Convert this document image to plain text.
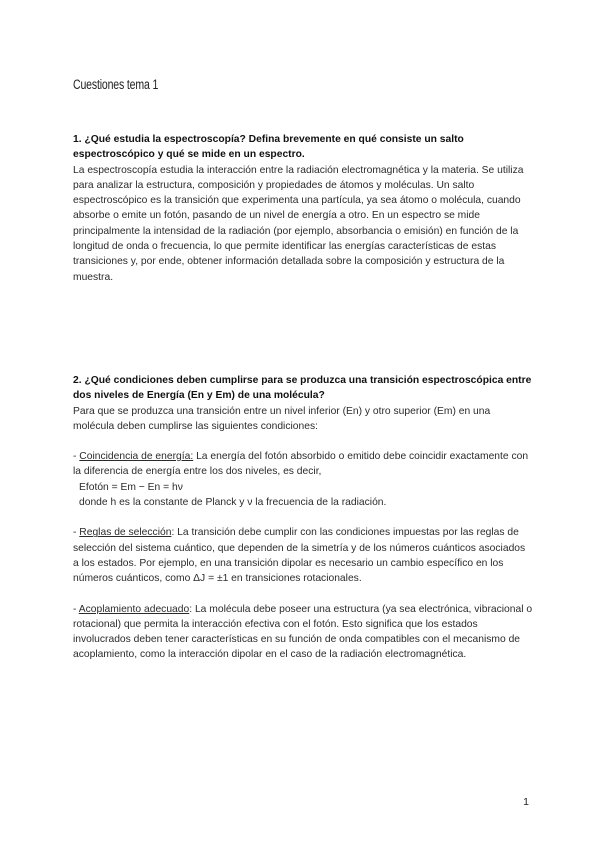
Cuestiones tema 1

1. ¿Qué estudia la espectroscopía? Defina brevemente en qué consiste un salto espectroscópico y qué se mide en un espectro.

La espectroscopía estudia la interacción entre la radiación electromagnética y la materia. Se utiliza para analizar la estructura, composición y propiedades de átomos y moléculas. Un salto espectroscópico es la transición que experimenta una partícula, ya sea átomo o molécula, cuando absorbe o emite un fotón, pasando de un nivel de energía a otro. En un espectro se mide principalmente la intensidad de la radiación (por ejemplo, absorbancia o emisión) en función de la longitud de onda o frecuencia, lo que permite identificar las energías características de estas transiciones y, por ende, obtener información detallada sobre la composición y estructura de la muestra.

2. ¿Qué condiciones deben cumplirse para se produzca una transición espectroscópica entre dos niveles de Energía (En y Em) de una molécula?

Para que se produzca una transición entre un nivel inferior (En) y otro superior (Em) en una molécula deben cumplirse las siguientes condiciones:

- Coincidencia de energía: La energía del fotón absorbido o emitido debe coincidir exactamente con la diferencia de energía entre los dos niveles, es decir,

Efotón = Em − En = hν

donde h es la constante de Planck y ν la frecuencia de la radiación.

- Reglas de selección: La transición debe cumplir con las condiciones impuestas por las reglas de selección del sistema cuántico, que dependen de la simetría y de los números cuánticos asociados a los estados. Por ejemplo, en una transición dipolar es necesario un cambio específico en los números cuánticos, como ΔJ = ±1 en transiciones rotacionales.

- Acoplamiento adecuado: La molécula debe poseer una estructura (ya sea electrónica, vibracional o rotacional) que permita la interacción efectiva con el fotón. Esto significa que los estados involucrados deben tener características en su función de onda compatibles con el mecanismo de acoplamiento, como la interacción dipolar en el caso de la radiación electromagnética.

1
